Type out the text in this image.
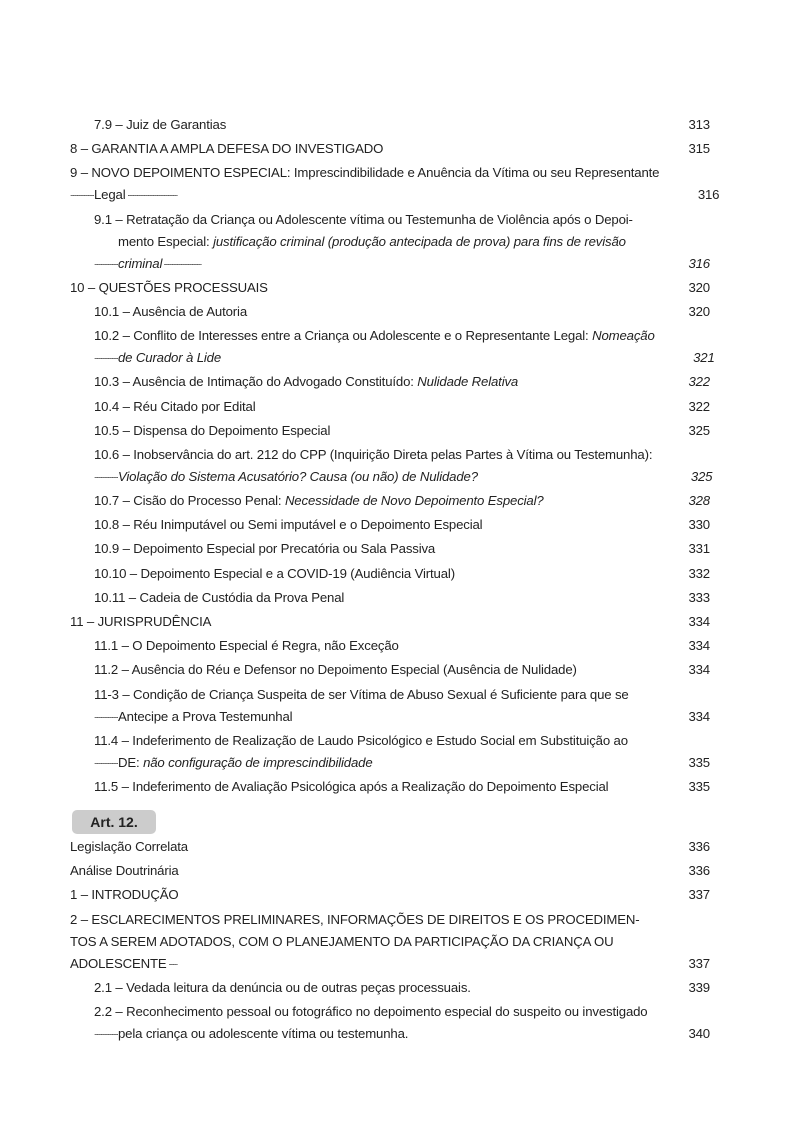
7.9 – Juiz de Garantias . . .	313
8 – GARANTIA A AMPLA DEFESA DO INVESTIGADO . . .	315
9 – NOVO DEPOIMENTO ESPECIAL: Imprescindibilidade e Anuência da Vítima ou seu Representante
Legal . . .	316
9.1 – Retratação da Criança ou Adolescente vítima ou Testemunha de Violência após o Depoi-
mento Especial: justificação criminal (produção antecipada de prova) para fins de revisão
criminal . . .	316
10 – QUESTÕES PROCESSUAIS . . .	320
10.1 – Ausência de Autoria . . .	320
10.2 – Conflito de Interesses entre a Criança ou Adolescente e o Representante Legal: Nomeação
de Curador à Lide . . .	321
10.3 – Ausência de Intimação do Advogado Constituído: Nulidade Relativa . . .	322
10.4 – Réu Citado por Edital . . .	322
10.5 – Dispensa do Depoimento Especial . . .	325
10.6 – Inobservância do art. 212 do CPP (Inquirição Direta pelas Partes à Vítima ou Testemunha):
Violação do Sistema Acusatório? Causa (ou não) de Nulidade? . . .	325
10.7 – Cisão do Processo Penal: Necessidade de Novo Depoimento Especial? . . .	328
10.8 – Réu Inimputável ou Semi imputável e o Depoimento Especial . . .	330
10.9 – Depoimento Especial por Precatória ou Sala Passiva . . .	331
10.10 – Depoimento Especial e a COVID-19 (Audiência Virtual) . . .	332
10.11 – Cadeia de Custódia da Prova Penal . . .	333
11 – JURISPRUDÊNCIA . . .	334
11.1 – O Depoimento Especial é Regra, não Exceção . . .	334
11.2 – Ausência do Réu e Defensor no Depoimento Especial (Ausência de Nulidade) . . .	334
11-3 – Condição de Criança Suspeita de ser Vítima de Abuso Sexual é Suficiente para que se
Antecipe a Prova Testemunhal . . .	334
11.4 – Indeferimento de Realização de Laudo Psicológico e Estudo Social em Substituição ao
DE: não configuração de imprescindibilidade . . .	335
11.5 – Indeferimento de Avaliação Psicológica após a Realização do Depoimento Especial . . .	335
Art. 12.
Legislação Correlata . . .	336
Análise Doutrinária . . .	336
1 – INTRODUÇÃO . . .	337
2 – ESCLARECIMENTOS PRELIMINARES, INFORMAÇÕES DE DIREITOS E OS PROCEDIMEN-
TOS A SEREM ADOTADOS, COM O PLANEJAMENTO DA PARTICIPAÇÃO DA CRIANÇA OU
ADOLESCENTE . . .	337
2.1 – Vedada leitura da denúncia ou de outras peças processuais. . . .	339
2.2 – Reconhecimento pessoal ou fotográfico no depoimento especial do suspeito ou investigado
pela criança ou adolescente vítima ou testemunha. . . .	340
